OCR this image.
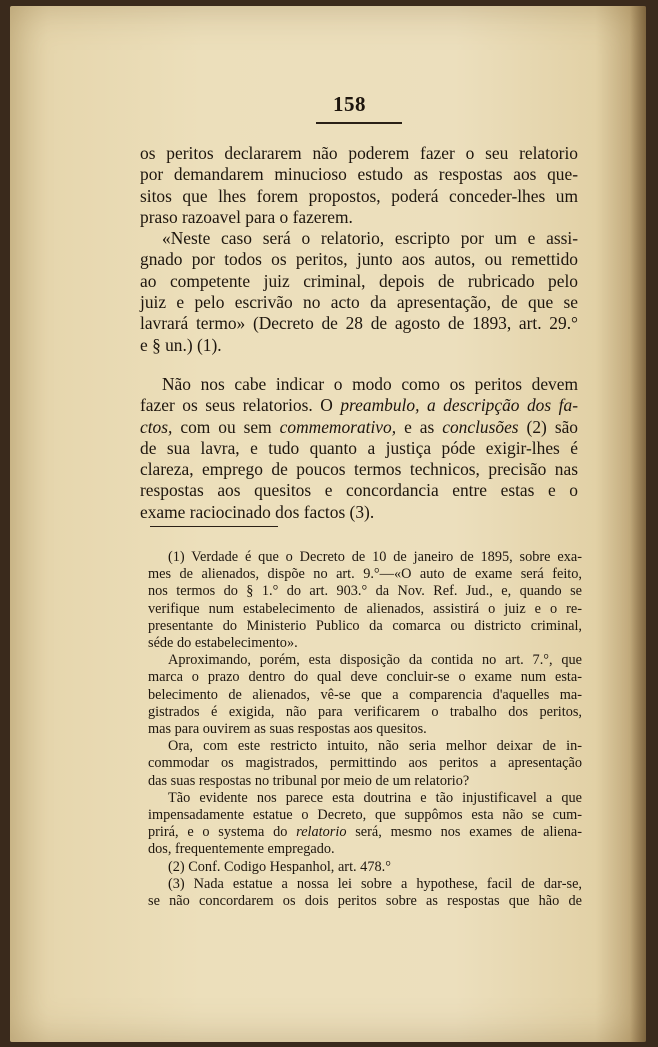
158
os peritos declararem não poderem fazer o seu relatorio
por demandarem minucioso estudo as respostas aos que-
sitos que lhes forem propostos, poderá conceder-lhes um
praso razoavel para o fazerem.
«Neste caso será o relatorio, escripto por um e assi-
gnado por todos os peritos, junto aos autos, ou remettido
ao competente juiz criminal, depois de rubricado pelo
juiz e pelo escrivão no acto da apresentação, de que se
lavrará termo» (Decreto de 28 de agosto de 1893, art. 29.°
e § un.) (1).
Não nos cabe indicar o modo como os peritos devem
fazer os seus relatorios. O preambulo, a descripção dos fa-
ctos, com ou sem commemorativo, e as conclusões (2) são
de sua lavra, e tudo quanto a justiça póde exigir-lhes é
clareza, emprego de poucos termos technicos, precisão nas
respostas aos quesitos e concordancia entre estas e o
exame raciocinado dos factos (3).
(1) Verdade é que o Decreto de 10 de janeiro de 1895, sobre exa-
mes de alienados, dispõe no art. 9.°—«O auto de exame será feito,
nos termos do § 1.° do art. 903.° da Nov. Ref. Jud., e, quando se
verifique num estabelecimento de alienados, assistirá o juiz e o re-
presentante do Ministerio Publico da comarca ou districto criminal,
séde do estabelecimento».
Aproximando, porém, esta disposição da contida no art. 7.°, que
marca o prazo dentro do qual deve concluir-se o exame num esta-
belecimento de alienados, vê-se que a comparencia d'aquelles ma-
gistrados é exigida, não para verificarem o trabalho dos peritos,
mas para ouvirem as suas respostas aos quesitos.
Ora, com este restricto intuito, não seria melhor deixar de in-
commodar os magistrados, permittindo aos peritos a apresentação
das suas respostas no tribunal por meio de um relatorio?
Tão evidente nos parece esta doutrina e tão injustificavel a que
impensadamente estatue o Decreto, que suppômos esta não se cum-
prirá, e o systema do relatorio será, mesmo nos exames de aliena-
dos, frequentemente empregado.
(2) Conf. Codigo Hespanhol, art. 478.°
(3) Nada estatue a nossa lei sobre a hypothese, facil de dar-se,
se não concordarem os dois peritos sobre as respostas que hão de
